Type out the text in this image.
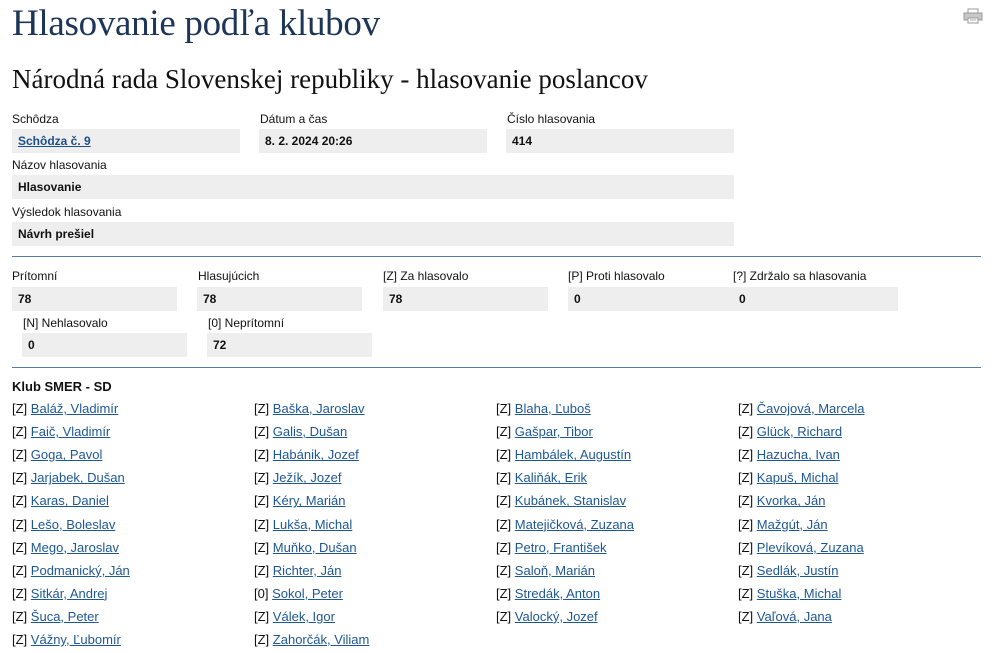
Hlasovanie podľa klubov
Národná rada Slovenskej republiky - hlasovanie poslancov
Schôdza
Schôdza č. 9
Dátum a čas
8. 2. 2024 20:26
Číslo hlasovania
414
Názov hlasovania
Hlasovanie
Výsledok hlasovania
Návrh prešiel
Prítomní
78
Hlasujúcich
78
[Z] Za hlasovalo
78
[P] Proti hlasovalo
0
[?] Zdržalo sa hlasovania
0
[N] Nehlasovalo
0
[0] Neprítomní
72
Klub SMER - SD
[Z] Baláž, Vladimír	[Z] Baška, Jaroslav	[Z] Blaha, Ľuboš	[Z] Čavojová, Marcela
[Z] Faič, Vladimír	[Z] Galis, Dušan	[Z] Gašpar, Tibor	[Z] Glück, Richard
[Z] Goga, Pavol	[Z] Habánik, Jozef	[Z] Hambálek, Augustín	[Z] Hazucha, Ivan
[Z] Jarjabek, Dušan	[Z] Ježík, Jozef	[Z] Kaliňák, Erik	[Z] Kapuš, Michal
[Z] Karas, Daniel	[Z] Kéry, Marián	[Z] Kubánek, Stanislav	[Z] Kvorka, Ján
[Z] Lešo, Boleslav	[Z] Lukša, Michal	[Z] Matejičková, Zuzana	[Z] Mažgút, Ján
[Z] Mego, Jaroslav	[Z] Muňko, Dušan	[Z] Petro, František	[Z] Plevíková, Zuzana
[Z] Podmanický, Ján	[Z] Richter, Ján	[Z] Saloň, Marián	[Z] Sedlák, Justín
[Z] Sitkár, Andrej	[0] Sokol, Peter	[Z] Stredák, Anton	[Z] Stuška, Michal
[Z] Šuca, Peter	[Z] Válek, Igor	[Z] Valocký, Jozef	[Z] Vaľová, Jana
[Z] Vážny, Ľubomír	[Z] Zahorčák, Viliam
